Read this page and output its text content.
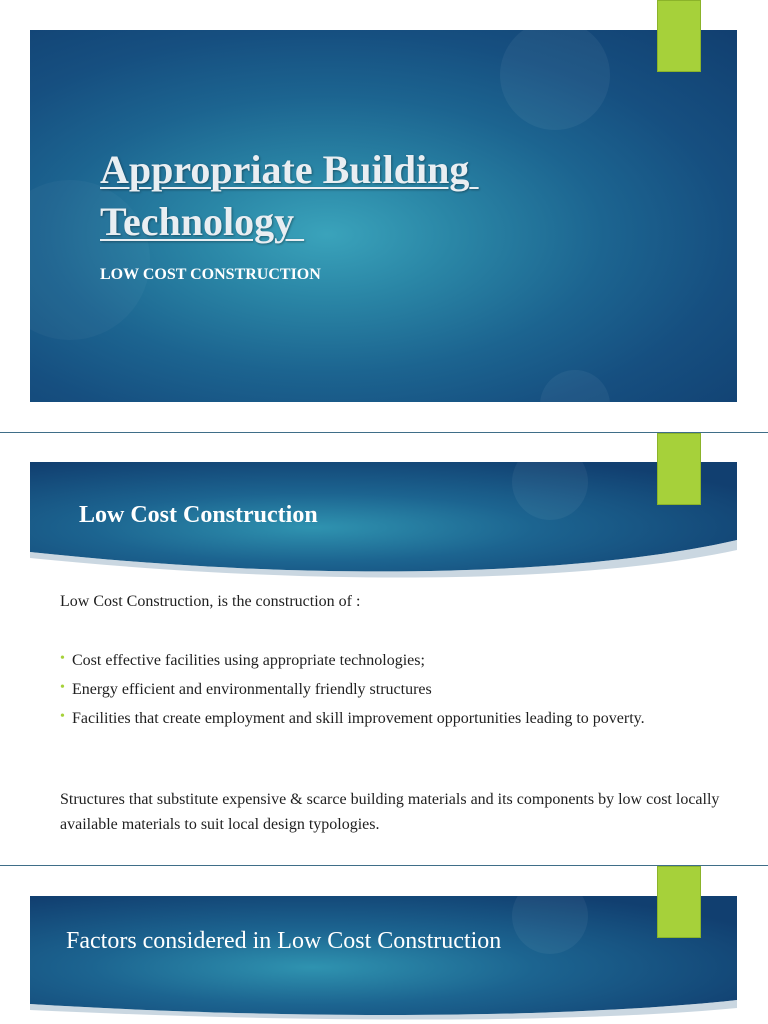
Appropriate Building Technology

LOW COST CONSTRUCTION

Low Cost Construction

Low Cost Construction, is the construction of :

• Cost effective facilities using appropriate technologies;
• Energy efficient and environmentally friendly structures
• Facilities that create employment and skill improvement opportunities leading to poverty.

Structures that substitute expensive & scarce building materials and its components by low cost locally available materials to suit local design typologies.

Factors considered in Low Cost Construction
